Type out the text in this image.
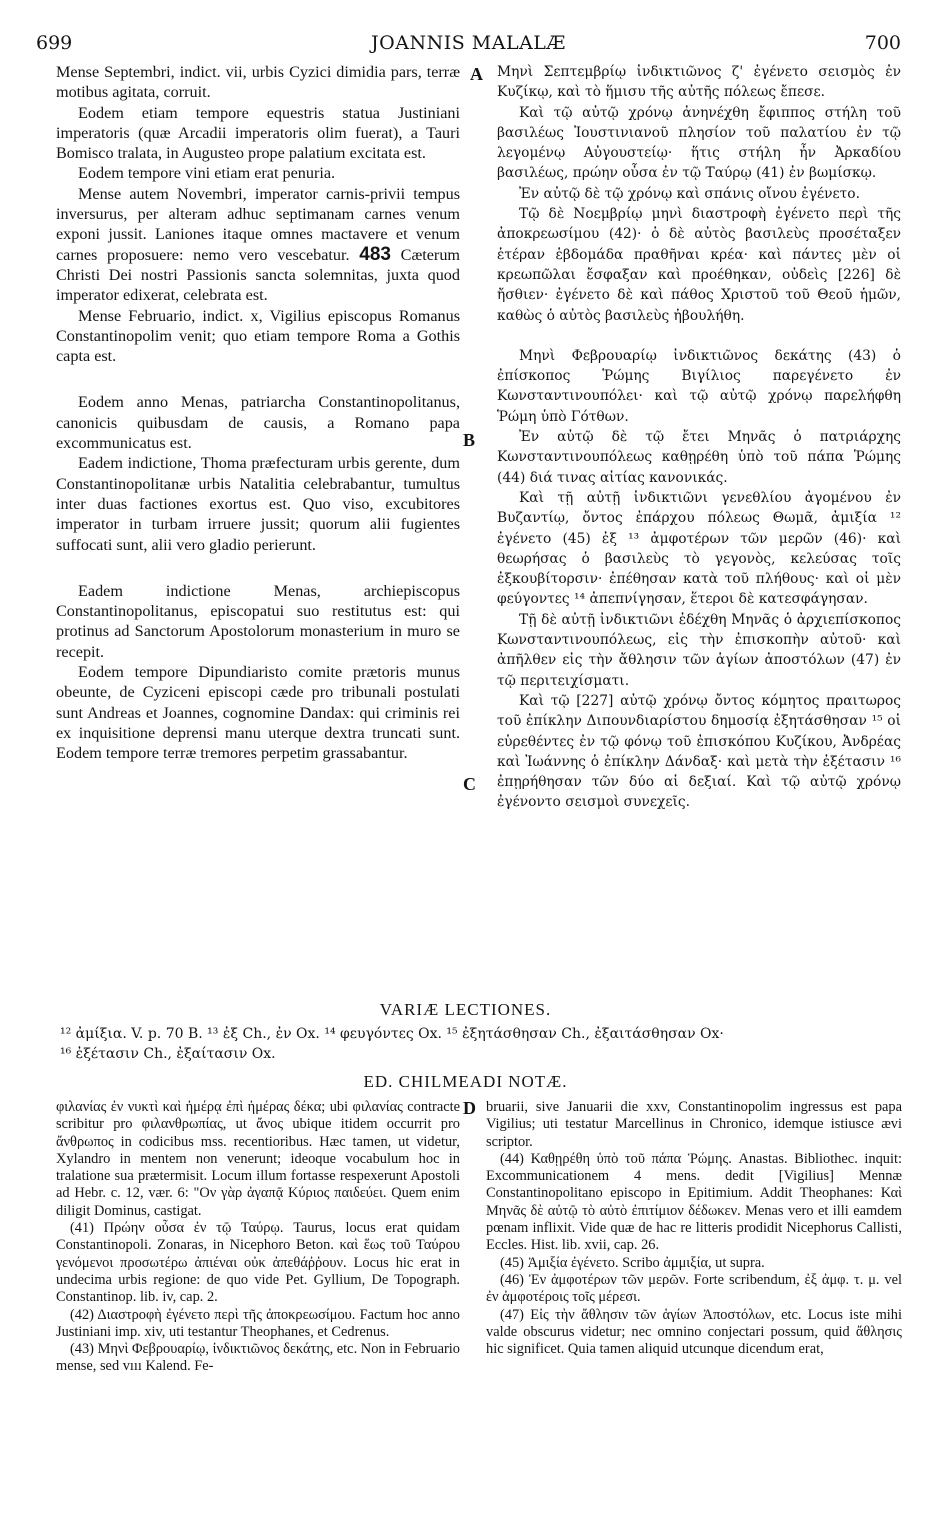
699	JOANNIS MALALÆ	700
A
B
C
D

Mense Septembri, indict. vii, urbis Cyzici dimidia pars, terræ motibus agitata, corruit.

Eodem etiam tempore equestris statua Justiniani imperatoris (quæ Arcadii imperatoris olim fuerat), a Tauri Bomisco tralata, in Augusteo prope palatium excitata est.

Eodem tempore vini etiam erat penuria.

Mense autem Novembri, imperator carnis-privii tempus inversurus, per alteram adhuc septimanam carnes venum exponi jussit. Laniones itaque omnes mactavere et venum carnes proposuere: nemo vero vescebatur. 483 Cæterum Christi Dei nostri Passionis sancta solemnitas, juxta quod imperator edixerat, celebrata est.

Mense Februario, indict. x, Vigilius episcopus Romanus Constantinopolim venit; quo etiam tempore Roma a Gothis capta est.

Eodem anno Menas, patriarcha Constantinopolitanus, canonicis quibusdam de causis, a Romano papa excommunicatus est.

Eadem indictione, Thoma præfecturam urbis gerente, dum Constantinopolitanæ urbis Natalitia celebrabantur, tumultus inter duas factiones exortus est. Quo viso, excubitores imperator in turbam irruere jussit; quorum alii fugientes suffocati sunt, alii vero gladio perierunt.

Eadem indictione Menas, archiepiscopus Constantinopolitanus, episcopatui suo restitutus est: qui protinus ad Sanctorum Apostolorum monasterium in muro se recepit.

Eodem tempore Dipundiaristo comite prætoris munus obeunte, de Cyziceni episcopi cæde pro tribunali postulati sunt Andreas et Joannes, cognomine Dandax: qui criminis rei ex inquisitione deprensi manu uterque dextra truncati sunt. Eodem tempore terræ tremores perpetim grassabantur.

Μηνὶ Σεπτεμβρίῳ ἰνδικτιῶνος ζ' ἐγένετο σεισμὸς ἐν Κυζίκῳ, καὶ τὸ ἥμισυ τῆς αὐτῆς πόλεως ἔπεσε.

Καὶ τῷ αὐτῷ χρόνῳ ἀνηνέχθη ἔφιππος στήλη τοῦ βασιλέως Ἰουστινιανοῦ πλησίον τοῦ παλατίου ἐν τῷ λεγομένῳ Αὐγουστείῳ· ἥτις στήλη ἦν Ἀρκαδίου βασιλέως, πρώην οὖσα ἐν τῷ Ταύρῳ (41) ἐν βωμίσκῳ.

Ἐν αὐτῷ δὲ τῷ χρόνῳ καὶ σπάνις οἴνου ἐγένετο.

Τῷ δὲ Νοεμβρίῳ μηνὶ διαστροφὴ ἐγένετο περὶ τῆς ἀποκρεωσίμου (42)· ὁ δὲ αὐτὸς βασιλεὺς προσέταξεν ἑτέραν ἑβδομάδα πραθῆναι κρέα· καὶ πάντες μὲν οἱ κρεωπῶλαι ἔσφαξαν καὶ προέθηκαν, οὐδεὶς [226] δὲ ἤσθιεν· ἐγένετο δὲ καὶ πάθος Χριστοῦ τοῦ Θεοῦ ἡμῶν, καθὼς ὁ αὐτὸς βασιλεὺς ἠβουλήθη.

Μηνὶ Φεβρουαρίῳ ἰνδικτιῶνος δεκάτης (43) ὁ ἐπίσκοπος Ῥώμης Βιγίλιος παρεγένετο ἐν Κωνσταντινουπόλει· καὶ τῷ αὐτῷ χρόνῳ παρελήφθη Ῥώμη ὑπὸ Γότθων.

Ἐν αὐτῷ δὲ τῷ ἔτει Μηνᾶς ὁ πατριάρχης Κωνσταντινουπόλεως καθῃρέθη ὑπὸ τοῦ πάπα Ῥώμης (44) διά τινας αἰτίας κανονικάς.

Καὶ τῇ αὐτῇ ἰνδικτιῶνι γενεθλίου ἀγομένου ἐν Βυζαντίῳ, ὄντος ἐπάρχου πόλεως Θωμᾶ, ἀμιξία ¹² ἐγένετο (45) ἐξ ¹³ ἀμφοτέρων τῶν μερῶν (46)· καὶ θεωρήσας ὁ βασιλεὺς τὸ γεγονὸς, κελεύσας τοῖς ἐξκουβίτορσιν· ἐπέθησαν κατὰ τοῦ πλήθους· καὶ οἱ μὲν φεύγοντες ¹⁴ ἀπεπνίγησαν, ἕτεροι δὲ κατεσφάγησαν.

Τῇ δὲ αὐτῇ ἰνδικτιῶνι ἐδέχθη Μηνᾶς ὁ ἀρχιεπίσκοπος Κωνσταντινουπόλεως, εἰς τὴν ἐπισκοπὴν αὐτοῦ· καὶ ἀπῆλθεν εἰς τὴν ἄθλησιν τῶν ἁγίων ἀποστόλων (47) ἐν τῷ περιτειχίσματι.

Καὶ τῷ [227] αὐτῷ χρόνῳ ὄντος κόμητος πραιτωρος τοῦ ἐπίκλην Διπουνδιαρίστου δημοσίᾳ ἐξητάσθησαν ¹⁵ οἱ εὑρεθέντες ἐν τῷ φόνῳ τοῦ ἐπισκόπου Κυζίκου, Ἀνδρέας καὶ Ἰωάννης ὁ ἐπίκλην Δάνδαξ· καὶ μετὰ τὴν ἐξέτασιν ¹⁶ ἐπῃρήθησαν τῶν δύο αἱ δεξιαί. Καὶ τῷ αὐτῷ χρόνῳ ἐγένοντο σεισμοὶ συνεχεῖς.

VARIÆ LECTIONES.
¹² ἀμίξια. V. p. 70 B. ¹³ ἐξ Ch., ἐν Ox. ¹⁴ φευγόντες Ox. ¹⁵ ἐξητάσθησαν Ch., ἐξαιτάσθησαν Ox·
¹⁶ ἐξέτασιν Ch., ἐξαίτασιν Ox.
ED. CHILMEADI NOTÆ.

φιλανίας ἐν νυκτὶ καὶ ἡμέρᾳ ἐπὶ ἡμέρας δέκα; ubi φιλανίας contracte scribitur pro φιλανθρωπίας, ut ἄνος ubique itidem occurrit pro ἄνθρωπος in codicibus mss. recentioribus. Hæc tamen, ut videtur, Xylandro in mentem non venerunt; ideoque vocabulum hoc in tralatione sua prætermisit. Locum illum fortasse respexerunt Apostoli ad Hebr. c. 12, vær. 6: "Ον γὰρ ἀγαπᾷ Κύριος παιδεύει. Quem enim diligit Dominus, castigat.

(41) Πρώην οὖσα ἐν τῷ Ταύρῳ. Taurus, locus erat quidam Constantinopoli. Zonaras, in Nicephoro Beton. καὶ ἕως τοῦ Ταύρου γενόμενοι προσωτέρω ἀπιέναι οὐκ ἀπεθάῤῥουν. Locus hic erat in undecima urbis regione: de quo vide Pet. Gyllium, De Topograph. Constantinop. lib. iv, cap. 2.

(42) Διαστροφὴ ἐγένετο περὶ τῆς ἀποκρεωσίμου. Factum hoc anno Justiniani imp. xiv, uti testantur Theophanes, et Cedrenus.

(43) Μηνὶ Φεβρουαρίῳ, ἰνδικτιῶνος δεκάτης, etc. Non in Februario mense, sed vııı Kalend. Fe-

bruarii, sive Januarii die xxv, Constantinopolim ingressus est papa Vigilius; uti testatur Marcellinus in Chronico, idemque istiusce ævi scriptor.

(44) Καθῃρέθη ὑπὸ τοῦ πάπα Ῥώμης. Anastas. Bibliothec. inquit: Excommunicationem 4 mens. dedit [Vigilius] Mennæ Constantinopolitano episcopo in Epitimium. Addit Theophanes: Καὶ Μηνᾶς δὲ αὐτῷ τὸ αὐτὸ ἐπιτίμιον δέδωκεν. Menas vero et illi eamdem pœnam inflixit. Vide quæ de hac re litteris prodidit Nicephorus Callisti, Eccles. Hist. lib. xvii, cap. 26.

(45) Ἀμιξία ἐγένετο. Scribo ἀμμιξία, ut supra.

(46) Ἐν ἀμφοτέρων τῶν μερῶν. Forte scribendum, ἐξ ἀμφ. τ. μ. vel ἐν ἀμφοτέροις τοῖς μέρεσι.

(47) Εἰς τὴν ἄθλησιν τῶν ἁγίων Ἀποστόλων, etc. Locus iste mihi valde obscurus videtur; nec omnino conjectari possum, quid ἄθλησις hic significet. Quia tamen aliquid utcunque dicendum erat,
